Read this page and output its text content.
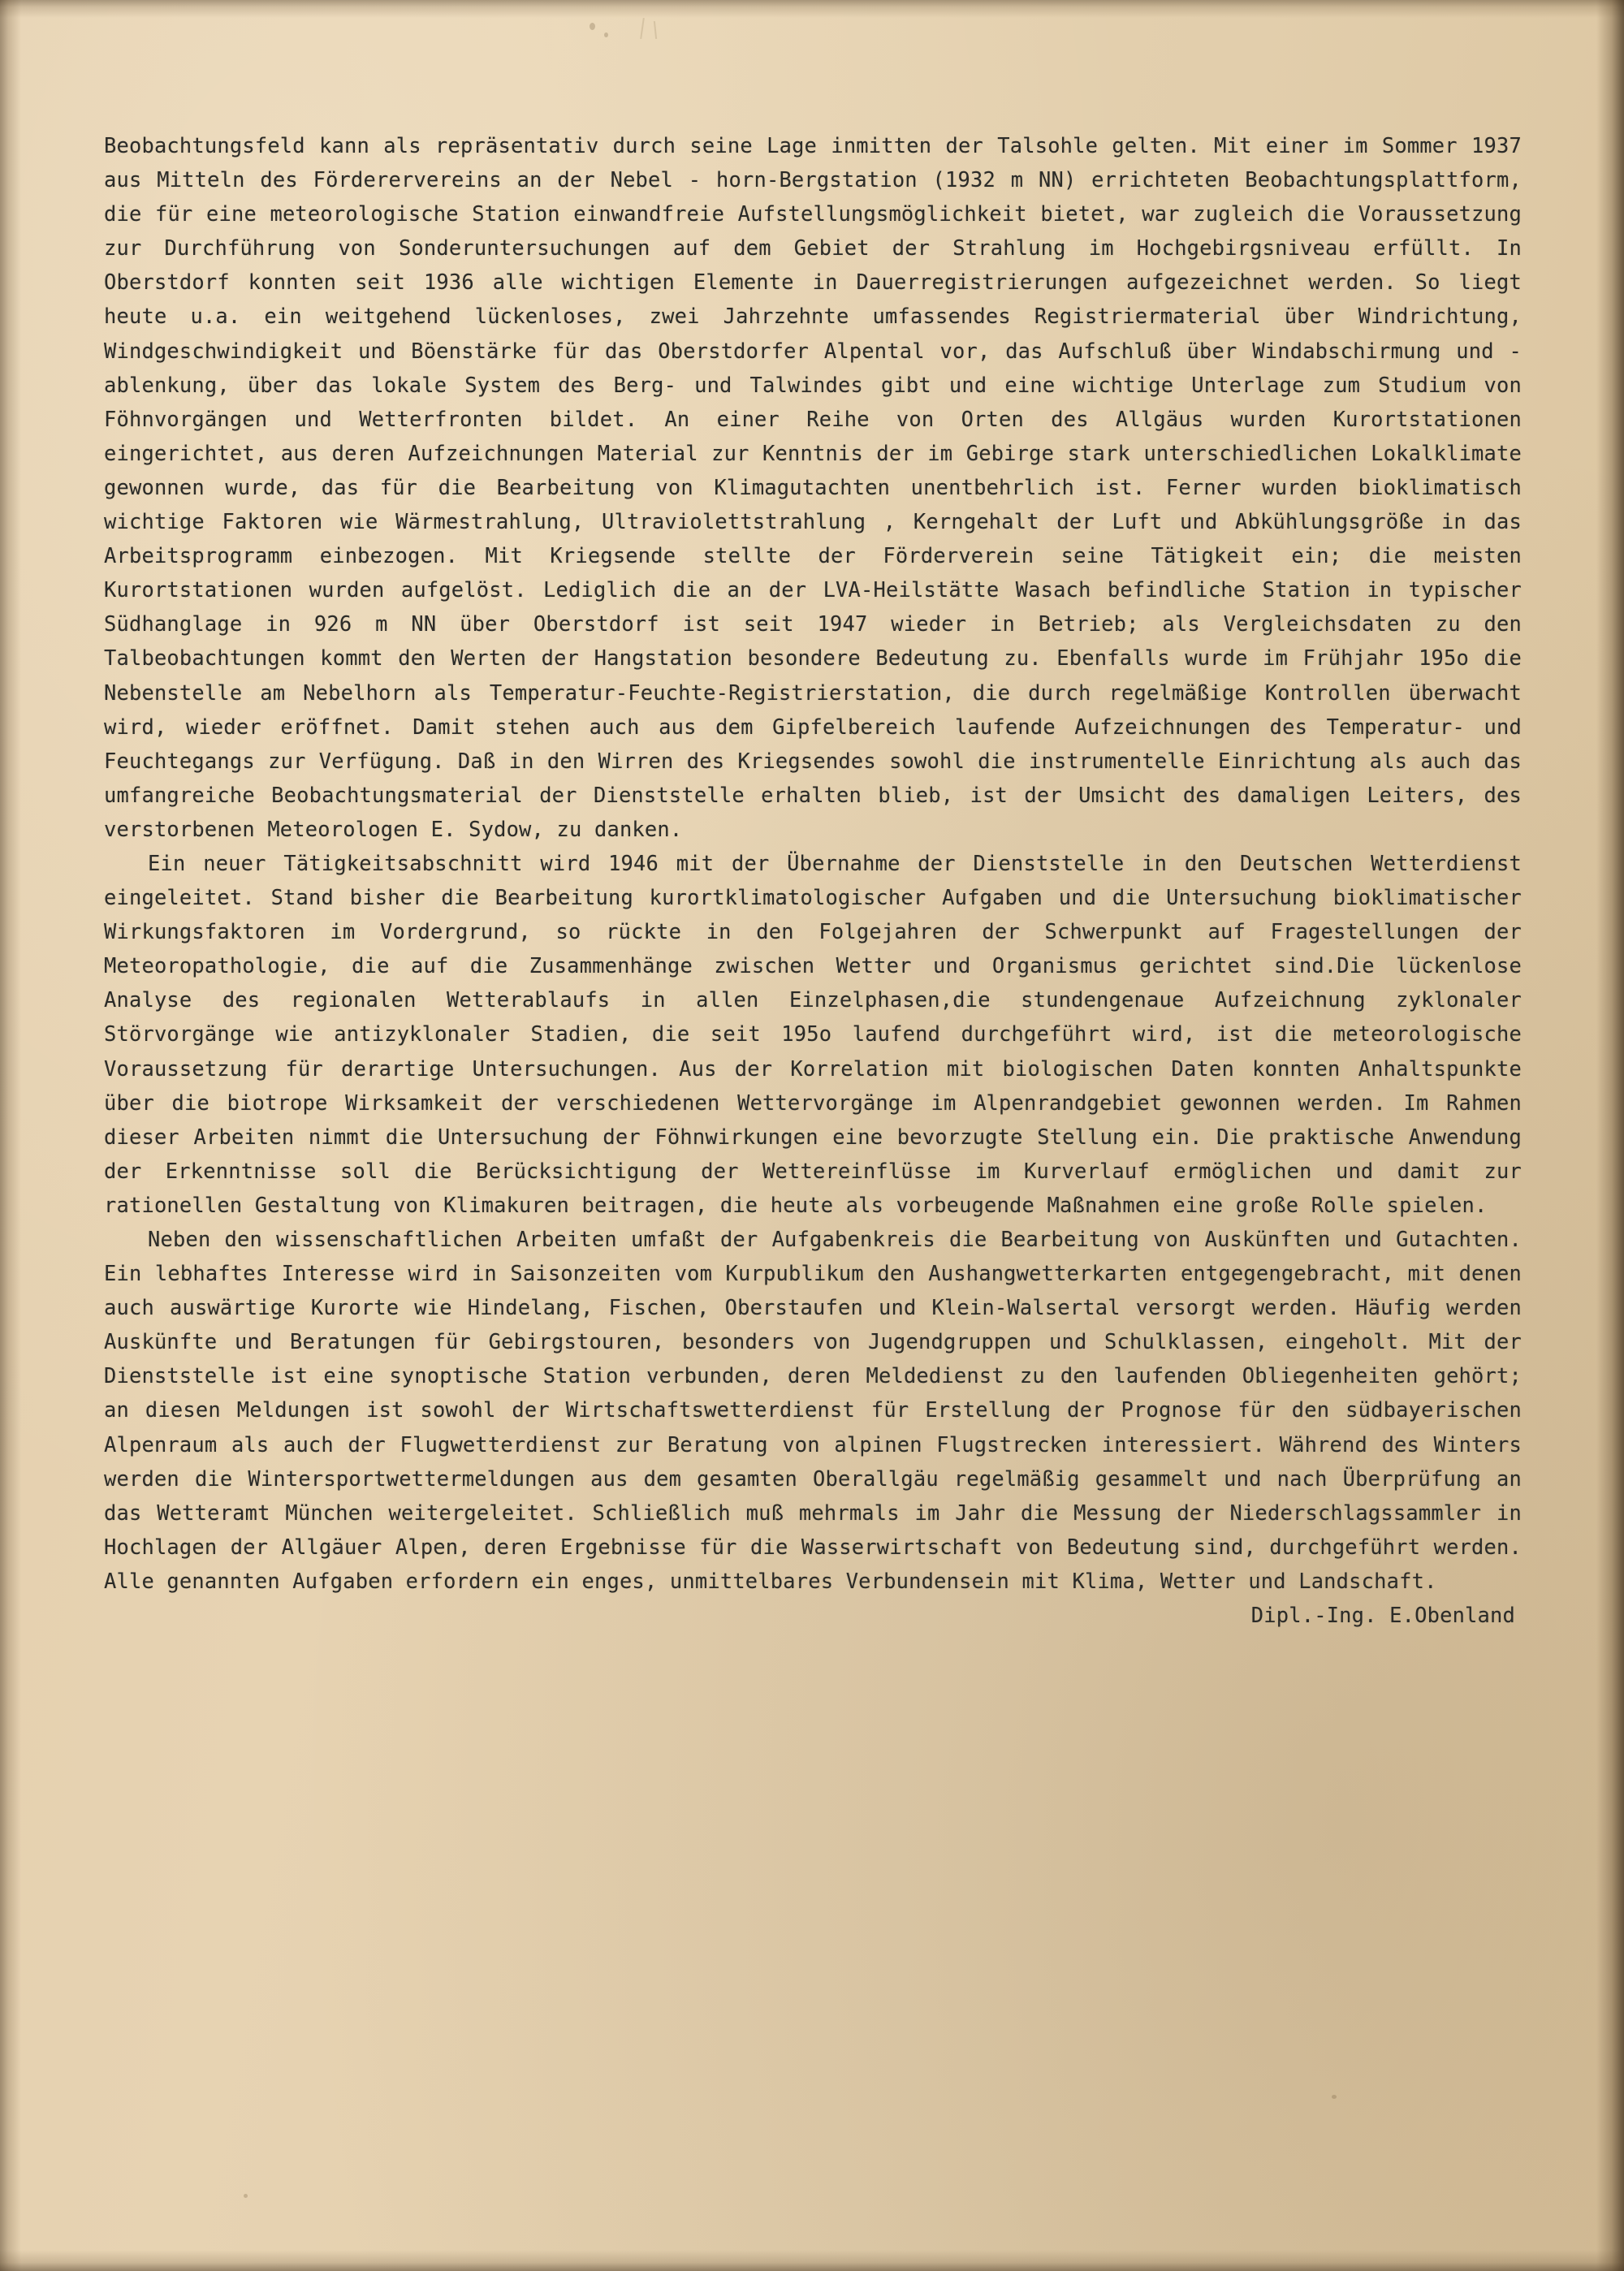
Beobachtungsfeld kann als repräsentativ durch seine Lage inmitten der Talsohle gelten. Mit einer im Sommer 1937 aus Mitteln des Förderervereins an der Nebel - horn-Bergstation (1932 m NN) errichteten Beobachtungsplattform, die für eine meteorologische Station einwandfreie Aufstellungsmöglichkeit bietet, war zugleich die Voraussetzung zur Durchführung von Sonderuntersuchungen auf dem Gebiet der Strahlung im Hochgebirgsniveau erfüllt. In Oberstdorf konnten seit 1936 alle wichtigen Elemente in Dauerregistrierungen aufgezeichnet werden. So liegt heute u.a. ein weitgehend lückenloses, zwei Jahrzehnte umfassendes Registriermaterial über Windrichtung, Windgeschwindigkeit und Böenstärke für das Oberstdorfer Alpental vor, das Aufschluß über Windabschirmung und -ablenkung, über das lokale System des Berg- und Talwindes gibt und eine wichtige Unterlage zum Studium von Föhnvorgängen und Wetterfronten bildet. An einer Reihe von Orten des Allgäus wurden Kurortstationen eingerichtet, aus deren Aufzeichnungen Material zur Kenntnis der im Gebirge stark unterschiedlichen Lokalklimate gewonnen wurde, das für die Bearbeitung von Klimagutachten unentbehrlich ist. Ferner wurden bioklimatisch wichtige Faktoren wie Wärmestrahlung, Ultraviolettstrahlung , Kerngehalt der Luft und Abkühlungsgröße in das Arbeitsprogramm einbezogen. Mit Kriegsende stellte der Förderverein seine Tätigkeit ein; die meisten Kurortstationen wurden aufgelöst. Lediglich die an der LVA-Heilstätte Wasach befindliche Station in typischer Südhanglage in 926 m NN über Oberstdorf ist seit 1947 wieder in Betrieb; als Vergleichsdaten zu den Talbeobachtungen kommt den Werten der Hangstation besondere Bedeutung zu. Ebenfalls wurde im Frühjahr 195o die Nebenstelle am Nebelhorn als Temperatur-Feuchte-Registrierstation, die durch regelmäßige Kontrollen überwacht wird, wieder eröffnet. Damit stehen auch aus dem Gipfelbereich laufende Aufzeichnungen des Temperatur- und Feuchtegangs zur Verfügung. Daß in den Wirren des Kriegsendes sowohl die instrumentelle Einrichtung als auch das umfangreiche Beobachtungsmaterial der Dienststelle erhalten blieb, ist der Umsicht des damaligen Leiters, des verstorbenen Meteorologen E. Sydow, zu danken.

Ein neuer Tätigkeitsabschnitt wird 1946 mit der Übernahme der Dienststelle in den Deutschen Wetterdienst eingeleitet. Stand bisher die Bearbeitung kurortklimatologischer Aufgaben und die Untersuchung bioklimatischer Wirkungsfaktoren im Vordergrund, so rückte in den Folgejahren der Schwerpunkt auf Fragestellungen der Meteoropathologie, die auf die Zusammenhänge zwischen Wetter und Organismus gerichtet sind.Die lückenlose Analyse des regionalen Wetterablaufs in allen Einzelphasen,die stundengenaue Aufzeichnung zyklonaler Störvorgänge wie antizyklonaler Stadien, die seit 195o laufend durchgeführt wird, ist die meteorologische Voraussetzung für derartige Untersuchungen. Aus der Korrelation mit biologischen Daten konnten Anhaltspunkte über die biotrope Wirksamkeit der verschiedenen Wettervorgänge im Alpenrandgebiet gewonnen werden. Im Rahmen dieser Arbeiten nimmt die Untersuchung der Föhnwirkungen eine bevorzugte Stellung ein. Die praktische Anwendung der Erkenntnisse soll die Berücksichtigung der Wettereinflüsse im Kurverlauf ermöglichen und damit zur rationellen Gestaltung von Klimakuren beitragen, die heute als vorbeugende Maßnahmen eine große Rolle spielen.

Neben den wissenschaftlichen Arbeiten umfaßt der Aufgabenkreis die Bearbeitung von Auskünften und Gutachten. Ein lebhaftes Interesse wird in Saisonzeiten vom Kurpublikum den Aushangwetterkarten entgegengebracht, mit denen auch auswärtige Kurorte wie Hindelang, Fischen, Oberstaufen und Klein-Walsertal versorgt werden. Häufig werden Auskünfte und Beratungen für Gebirgstouren, besonders von Jugendgruppen und Schulklassen, eingeholt. Mit der Dienststelle ist eine synoptische Station verbunden, deren Meldedienst zu den laufenden Obliegenheiten gehört; an diesen Meldungen ist sowohl der Wirtschaftswetterdienst für Erstellung der Prognose für den südbayerischen Alpenraum als auch der Flugwetterdienst zur Beratung von alpinen Flugstrecken interessiert. Während des Winters werden die Wintersportwettermeldungen aus dem gesamten Oberallgäu regelmäßig gesammelt und nach Überprüfung an das Wetteramt München weitergeleitet. Schließlich muß mehrmals im Jahr die Messung der Niederschlagssammler in Hochlagen der Allgäuer Alpen, deren Ergebnisse für die Wasserwirtschaft von Bedeutung sind, durchgeführt werden. Alle genannten Aufgaben erfordern ein enges, unmittelbares Verbundensein mit Klima, Wetter und Landschaft.

Dipl.-Ing. E.Obenland
